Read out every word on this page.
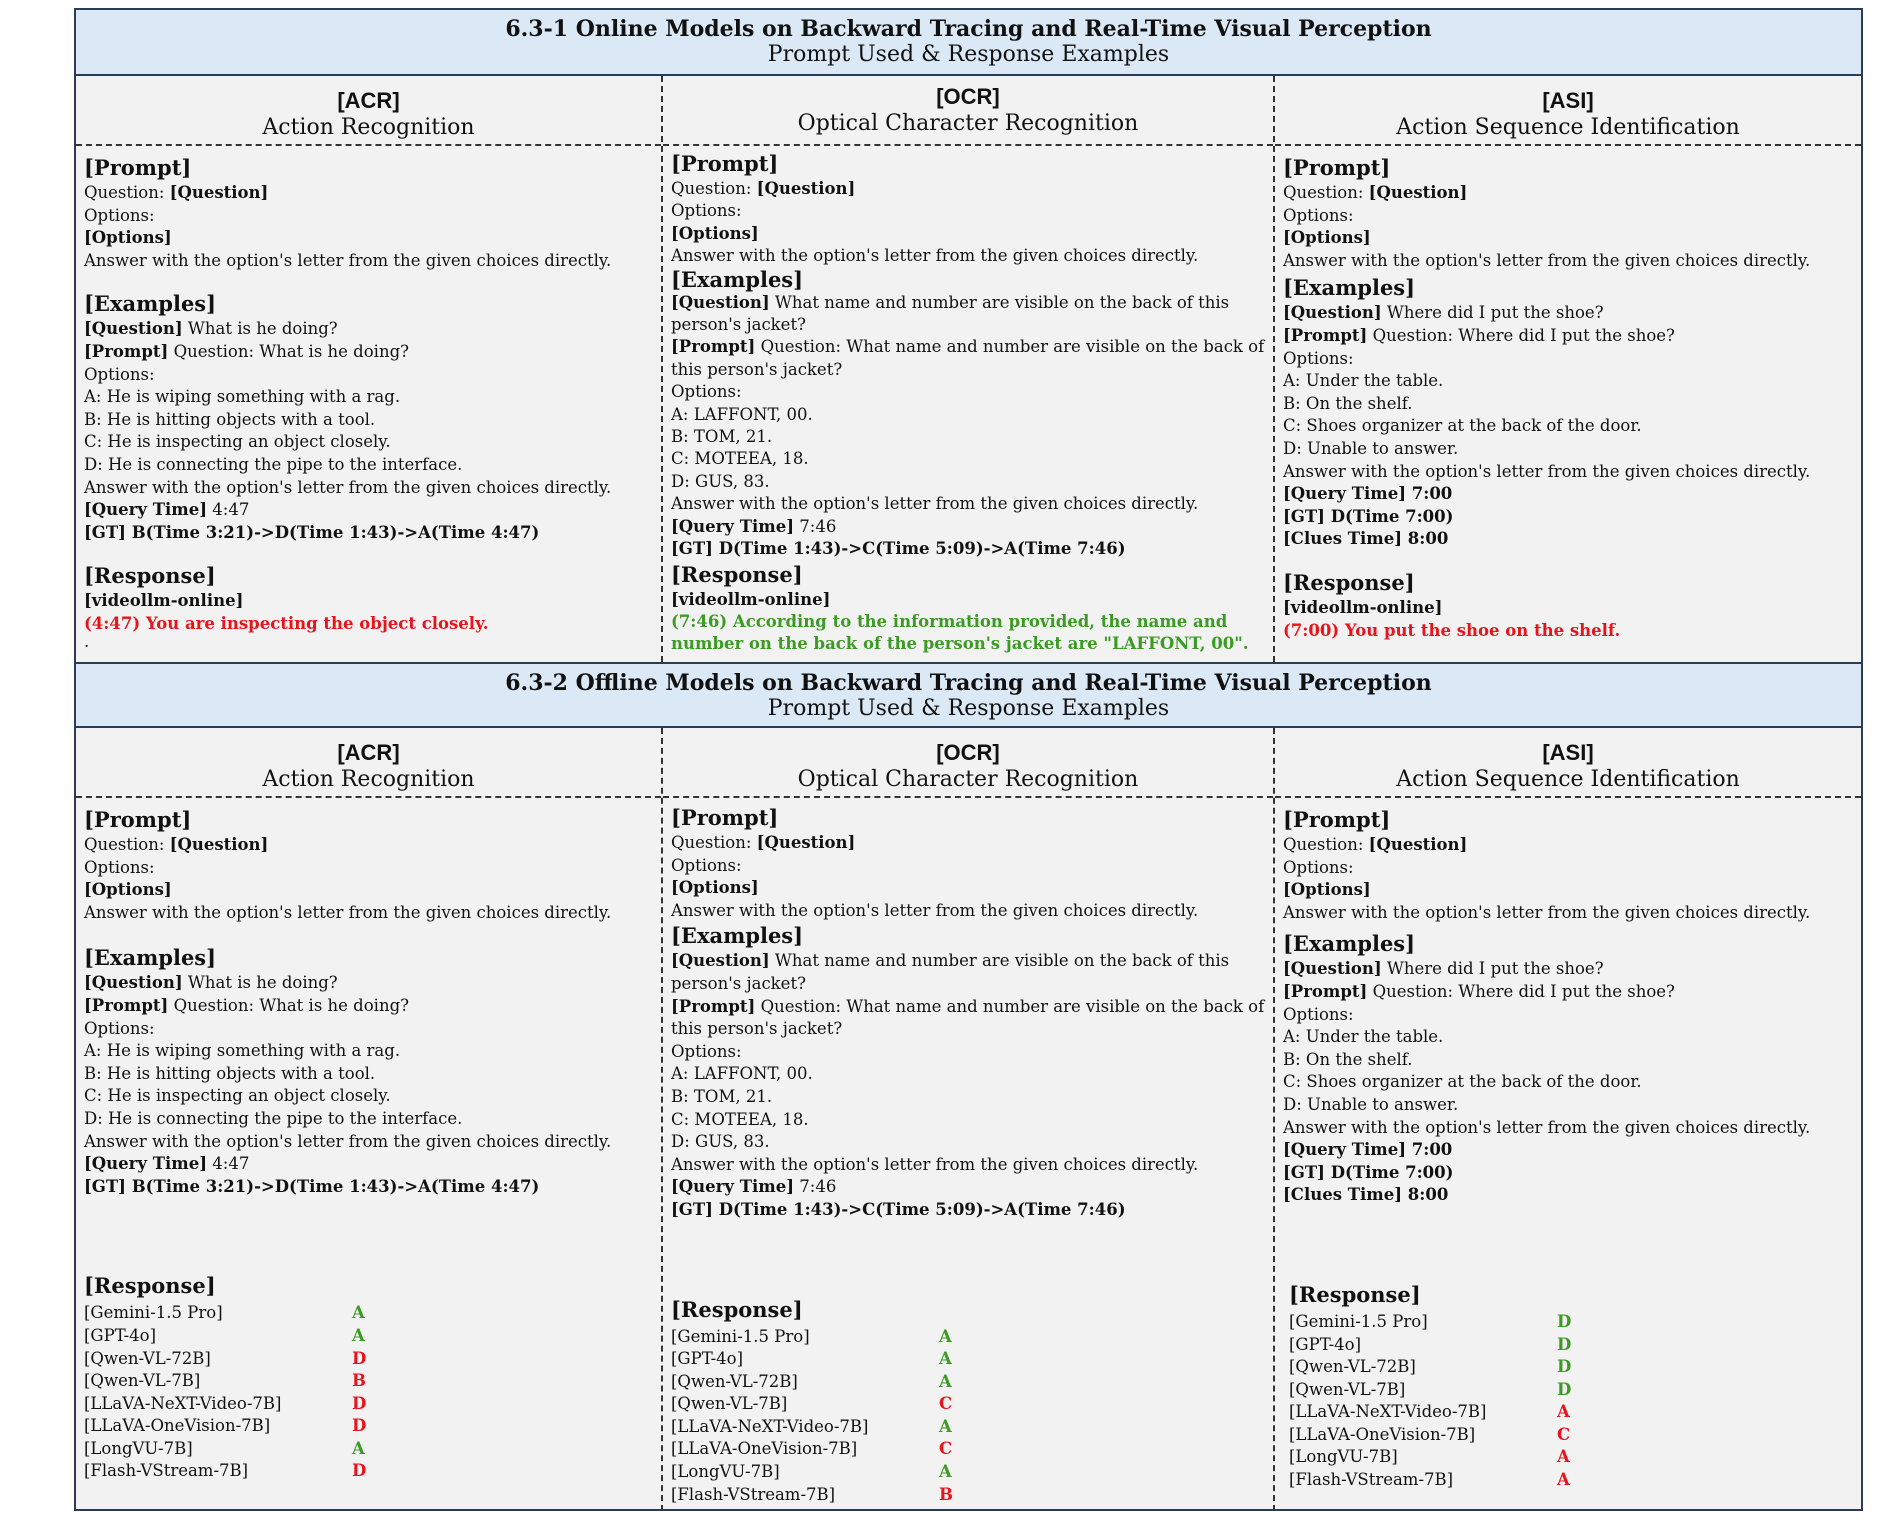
6.3-1 Online Models on Backward Tracing and Real-Time Visual Perception
Prompt Used & Response Examples
[ACR]
Action Recognition
[Prompt]
Question: [Question]
Options:
[Options]
Answer with the option's letter from the given choices directly.
[Examples]
[Question] What is he doing?
[Prompt] Question: What is he doing?
Options:
A: He is wiping something with a rag.
B: He is hitting objects with a tool.
C: He is inspecting an object closely.
D: He is connecting the pipe to the interface.
Answer with the option's letter from the given choices directly.
[Query Time] 4:47
[GT] B(Time 3:21)->D(Time 1:43)->A(Time 4:47)
[Response]
[videollm-online]
(4:47) You are inspecting the object closely.
.
[OCR]
Optical Character Recognition
[Prompt]
Question: [Question]
Options:
[Options]
Answer with the option's letter from the given choices directly.
[Examples]
[Question] What name and number are visible on the back of this person's jacket?
[Prompt] Question: What name and number are visible on the back of this person's jacket?
Options:
A: LAFFONT, 00.
B: TOM, 21.
C: MOTEEA, 18.
D: GUS, 83.
Answer with the option's letter from the given choices directly.
[Query Time] 7:46
[GT] D(Time 1:43)->C(Time 5:09)->A(Time 7:46)
[Response]
[videollm-online]
(7:46) According to the information provided, the name and number on the back of the person's jacket are "LAFFONT, 00".
[ASI]
Action Sequence Identification
[Prompt]
Question: [Question]
Options:
[Options]
Answer with the option's letter from the given choices directly.
[Examples]
[Question] Where did I put the shoe?
[Prompt] Question: Where did I put the shoe?
Options:
A: Under the table.
B: On the shelf.
C: Shoes organizer at the back of the door.
D: Unable to answer.
Answer with the option's letter from the given choices directly.
[Query Time] 7:00
[GT] D(Time 7:00)
[Clues Time] 8:00
[Response]
[videollm-online]
(7:00) You put the shoe on the shelf.
6.3-2 Offline Models on Backward Tracing and Real-Time Visual Perception
Prompt Used & Response Examples
[ACR]
Action Recognition
[Prompt]
Question: [Question]
Options:
[Options]
Answer with the option's letter from the given choices directly.
[Examples]
[Question] What is he doing?
[Prompt] Question: What is he doing?
Options:
A: He is wiping something with a rag.
B: He is hitting objects with a tool.
C: He is inspecting an object closely.
D: He is connecting the pipe to the interface.
Answer with the option's letter from the given choices directly.
[Query Time] 4:47
[GT] B(Time 3:21)->D(Time 1:43)->A(Time 4:47)
[Response]
[Gemini-1.5 Pro]	A
[GPT-4o]	A
[Qwen-VL-72B]	D
[Qwen-VL-7B]	B
[LLaVA-NeXT-Video-7B]	D
[LLaVA-OneVision-7B]	D
[LongVU-7B]	A
[Flash-VStream-7B]	D
[OCR]
Optical Character Recognition
[Prompt]
Question: [Question]
Options:
[Options]
Answer with the option's letter from the given choices directly.
[Examples]
[Question] What name and number are visible on the back of this person's jacket?
[Prompt] Question: What name and number are visible on the back of this person's jacket?
Options:
A: LAFFONT, 00.
B: TOM, 21.
C: MOTEEA, 18.
D: GUS, 83.
Answer with the option's letter from the given choices directly.
[Query Time] 7:46
[GT] D(Time 1:43)->C(Time 5:09)->A(Time 7:46)
[Response]
[Gemini-1.5 Pro]	A
[GPT-4o]	A
[Qwen-VL-72B]	A
[Qwen-VL-7B]	C
[LLaVA-NeXT-Video-7B]	A
[LLaVA-OneVision-7B]	C
[LongVU-7B]	A
[Flash-VStream-7B]	B
[ASI]
Action Sequence Identification
[Prompt]
Question: [Question]
Options:
[Options]
Answer with the option's letter from the given choices directly.
[Examples]
[Question] Where did I put the shoe?
[Prompt] Question: Where did I put the shoe?
Options:
A: Under the table.
B: On the shelf.
C: Shoes organizer at the back of the door.
D: Unable to answer.
Answer with the option's letter from the given choices directly.
[Query Time] 7:00
[GT] D(Time 7:00)
[Clues Time] 8:00
[Response]
[Gemini-1.5 Pro]	D
[GPT-4o]	D
[Qwen-VL-72B]	D
[Qwen-VL-7B]	D
[LLaVA-NeXT-Video-7B]	A
[LLaVA-OneVision-7B]	C
[LongVU-7B]	A
[Flash-VStream-7B]	A
